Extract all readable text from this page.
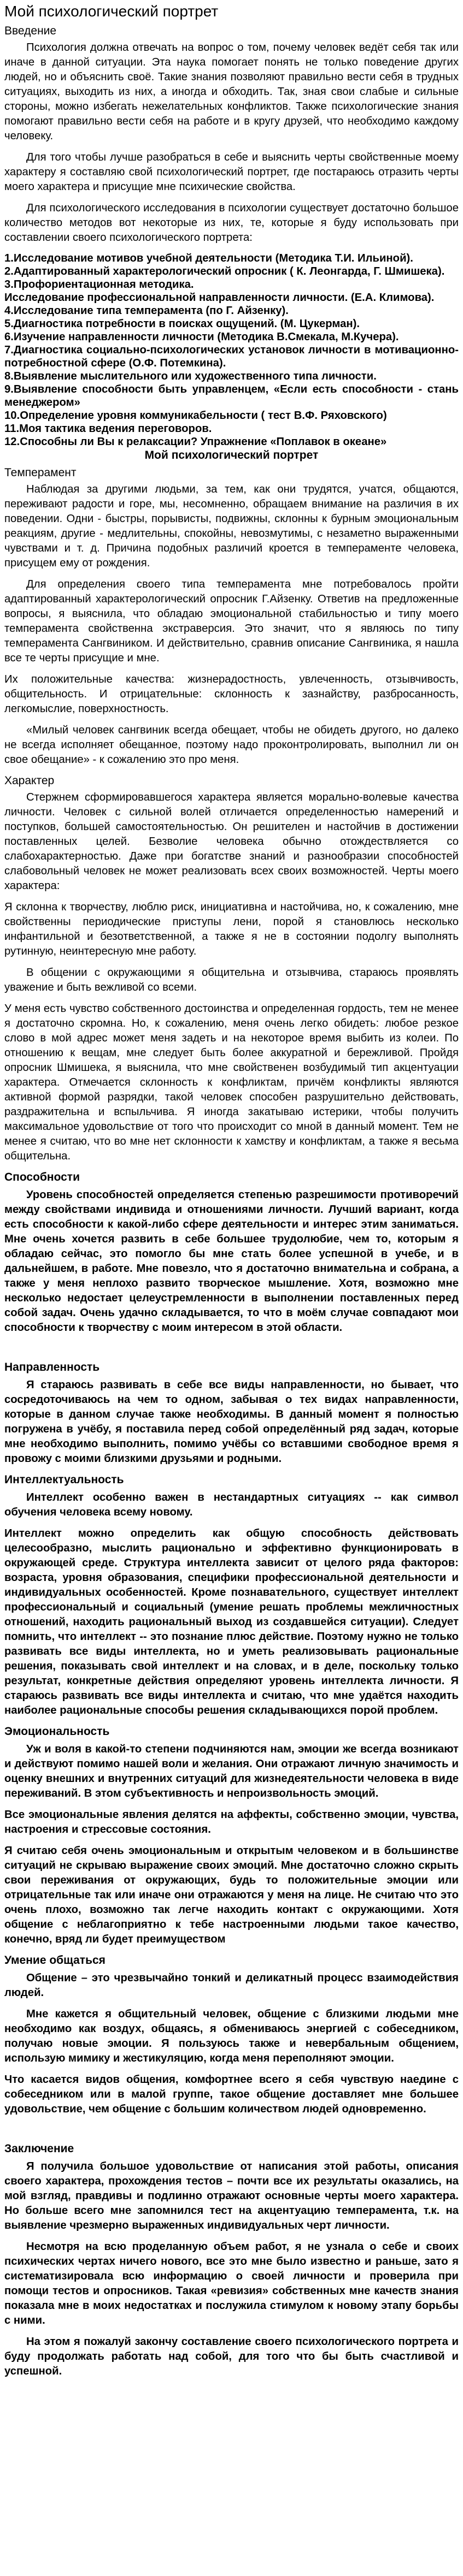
Мой психологический портрет
Введение

Психология должна отвечать на вопрос о том, почему человек ведёт себя так или иначе в данной ситуации. Эта наука помогает понять не только поведение других людей, но и объяснить своё. Такие знания позволяют правильно вести себя в трудных ситуациях, выходить из них, а иногда и обходить. Так, зная свои слабые и сильные стороны, можно избегать нежелательных конфликтов. Также психологические знания помогают правильно вести себя на работе и в кругу друзей, что необходимо каждому человеку.

Для того чтобы лучше разобраться в себе и выяснить черты свойственные моему характеру я составляю свой психологический портрет, где постараюсь отразить черты моего характера и присущие мне психические свойства.

Для психологического исследования в психологии существует достаточно большое количество методов вот некоторые из них, те, которые я буду использовать при составлении своего психологического портрета:

1.Исследование мотивов учебной деятельности (Методика Т.И. Ильиной).
2.Адаптированный характерологический опросник ( К. Леонгарда, Г. Шмишека).
3.Профориентационная методика.
Исследование профессиональной направленности личности. (Е.А. Климова).
4.Исследование типа темперамента (по Г. Айзенку).
5.Диагностика потребности в поисках ощущений. (М. Цукерман).
6.Изучение направленности личности (Методика В.Смекала, М.Кучера).
7.Диагностика социально-психологических установок личности в мотивационно-потребностной сфере (О.Ф. Потемкина).
8.Выявление мыслительного или художественного типа личности.
9.Выявление способности быть управленцем, «Если есть способности - стань менеджером»
10.Определение уровня коммуникабельности ( тест В.Ф. Ряховского)
11.Моя тактика ведения переговоров.
12.Способны ли Вы к релаксации? Упражнение «Поплавок в океане»
Мой психологический портрет
Темперамент

Наблюдая за другими людьми, за тем, как они трудятся, учатся, общаются, переживают радости и горе, мы, несомненно, обращаем внимание на различия в их поведении. Одни - быстры, порывисты, подвижны, склонны к бурным эмоциональным реакциям, другие - медлительны, спокойны, невозмутимы, с незаметно выраженными чувствами и т. д. Причина подобных различий кроется в темпераменте человека, присущем ему от рождения.

Для определения своего типа темперамента мне потребовалось пройти адаптированный характерологический опросник Г.Айзенку. Ответив на предложенные вопросы, я выяснила, что обладаю эмоциональной стабильностью и типу моего темперамента свойственна экстраверсия. Это значит, что я являюсь по типу темперамента Сангвиником. И действительно, сравнив описание Сангвиника, я нашла все те черты присущие и мне.

Их положительные качества: жизнерадостность, увлеченность, отзывчивость, общительность. И отрицательные: склонность к зазнайству, разбросанность, легкомыслие, поверхностность.

«Милый человек сангвиник всегда обещает, чтобы не обидеть другого, но далеко не всегда исполняет обещанное, поэтому надо проконтролировать, выполнил ли он свое обещание» - к сожалению это про меня.

Характер

Стержнем сформировавшегося характера является морально-волевые качества личности. Человек с сильной волей отличается определенностью намерений и поступков, большей самостоятельностью. Он решителен и настойчив в достижении поставленных целей. Безволие человека обычно отождествляется со слабохарактерностью. Даже при богатстве знаний и разнообразии способностей слабовольный человек не может реализовать всех своих возможностей. Черты моего характера:

Я склонна к творчеству, люблю риск, инициативна и настойчива, но, к сожалению, мне свойственны периодические приступы лени, порой я становлюсь несколько инфантильной и безответственной, а также я не в состоянии подолгу выполнять рутинную, неинтересную мне работу.

В общении с окружающими я общительна и отзывчива, стараюсь проявлять уважение и быть вежливой со всеми.

У меня есть чувство собственного достоинства и определенная гордость, тем не менее я достаточно скромна. Но, к сожалению, меня очень легко обидеть: любое резкое слово в мой адрес может меня задеть и на некоторое время выбить из колеи. По отношению к вещам, мне следует быть более аккуратной и бережливой. Пройдя опросник Шмишека, я выяснила, что мне свойственен возбудимый тип акцентуации характера. Отмечается склонность к конфликтам, причём конфликты являются активной формой разрядки, такой человек способен разрушительно действовать, раздражительна и вспыльчива. Я иногда закатываю истерики, чтобы получить максимальное удовольствие от того что происходит со мной в данный момент. Тем не менее я считаю, что во мне нет склонности к хамству и конфликтам, а также я весьма общительна.

Способности

Уровень способностей определяется степенью разрешимости противоречий между свойствами индивида и отношениями личности. Лучший вариант, когда есть способности к какой-либо сфере деятельности и интерес этим заниматься. Мне очень хочется развить в себе большее трудолюбие, чем то, которым я обладаю сейчас, это помогло бы мне стать более успешной в учебе, и в дальнейшем, в работе. Мне повезло, что я достаточно внимательна и собрана, а также у меня неплохо развито творческое мышление. Хотя, возможно мне несколько недостает целеустремленности в выполнении поставленных перед собой задач. Очень удачно складывается, то что в моём случае совпадают мои способности к творчеству с моим интересом в этой области.

Направленность

Я стараюсь развивать в себе все виды направленности, но бывает, что сосредоточиваюсь на чем то одном, забывая о тех видах направленности, которые в данном случае также необходимы. В данный момент я полностью погружена в учёбу, я поставила перед собой определённый ряд задач, которые мне необходимо выполнить, помимо учёбы со вставшими свободное время я провожу с моими близкими друзьями и родными.

Интеллектуальность

Интеллект особенно важен в нестандартных ситуациях -- как символ обучения человека всему новому.

Интеллект можно определить как общую способность действовать целесообразно, мыслить рационально и эффективно функционировать в окружающей среде. Структура интеллекта зависит от целого ряда факторов: возраста, уровня образования, специфики профессиональной деятельности и индивидуальных особенностей. Кроме познавательного, существует интеллект профессиональный и социальный (умение решать проблемы межличностных отношений, находить рациональный выход из создавшейся ситуации). Следует помнить, что интеллект -- это познание плюс действие. Поэтому нужно не только развивать все виды интеллекта, но и уметь реализовывать рациональные решения, показывать свой интеллект и на словах, и в деле, поскольку только результат, конкретные действия определяют уровень интеллекта личности. Я стараюсь развивать все виды интеллекта и считаю, что мне удаётся находить наиболее рациональные способы решения складывающихся порой проблем.

Эмоциональность

Уж и воля в какой-то степени подчиняются нам, эмоции же всегда возникают и действуют помимо нашей воли и желания. Они отражают личную значимость и оценку внешних и внутренних ситуаций для жизнедеятельности человека в виде переживаний. В этом субъективность и непроизвольность эмоций.

Все эмоциональные явления делятся на аффекты, собственно эмоции, чувства, настроения и стрессовые состояния.

Я считаю себя очень эмоциональным и открытым человеком и в большинстве ситуаций не скрываю выражение своих эмоций. Мне достаточно сложно скрыть свои переживания от окружающих, будь то положительные эмоции или отрицательные так или иначе они отражаются у меня на лице. Не считаю что это очень плохо, возможно так легче находить контакт с окружающими. Хотя общение с неблагоприятно к тебе настроенными людьми такое качество, конечно, вряд ли будет преимуществом

Умение общаться

Общение – это чрезвычайно тонкий и деликатный процесс взаимодействия людей.

Мне кажется я общительный человек, общение с близкими людьми мне необходимо как воздух, общаясь, я обмениваюсь энергией с собеседником, получаю новые эмоции. Я пользуюсь также и невербальным общением, использую мимику и жестикуляцию, когда меня переполняют эмоции.

Что касается видов общения, комфортнее всего я себя чувствую наедине с собеседником или в малой группе, такое общение доставляет мне большее удовольствие, чем общение с большим количеством людей одновременно.

Заключение

Я получила большое удовольствие от написания этой работы, описания своего характера, прохождения тестов – почти все их результаты оказались, на мой взгляд, правдивы и подлинно отражают основные черты моего характера. Но больше всего мне запомнился тест на акцентуацию темперамента, т.к. на выявление чрезмерно выраженных индивидуальных черт личности.

Несмотря на всю проделанную объем работ, я не узнала о себе и своих психических чертах ничего нового, все это мне было известно и раньше, зато я систематизировала всю информацию о своей личности и проверила при помощи тестов и опросников. Такая «ревизия» собственных мне качеств знания показала мне в моих недостатках и послужила стимулом к новому этапу борьбы с ними.

На этом я пожалуй закончу составление своего психологического портрета и буду продолжать работать над собой, для того что бы быть счастливой и успешной.
